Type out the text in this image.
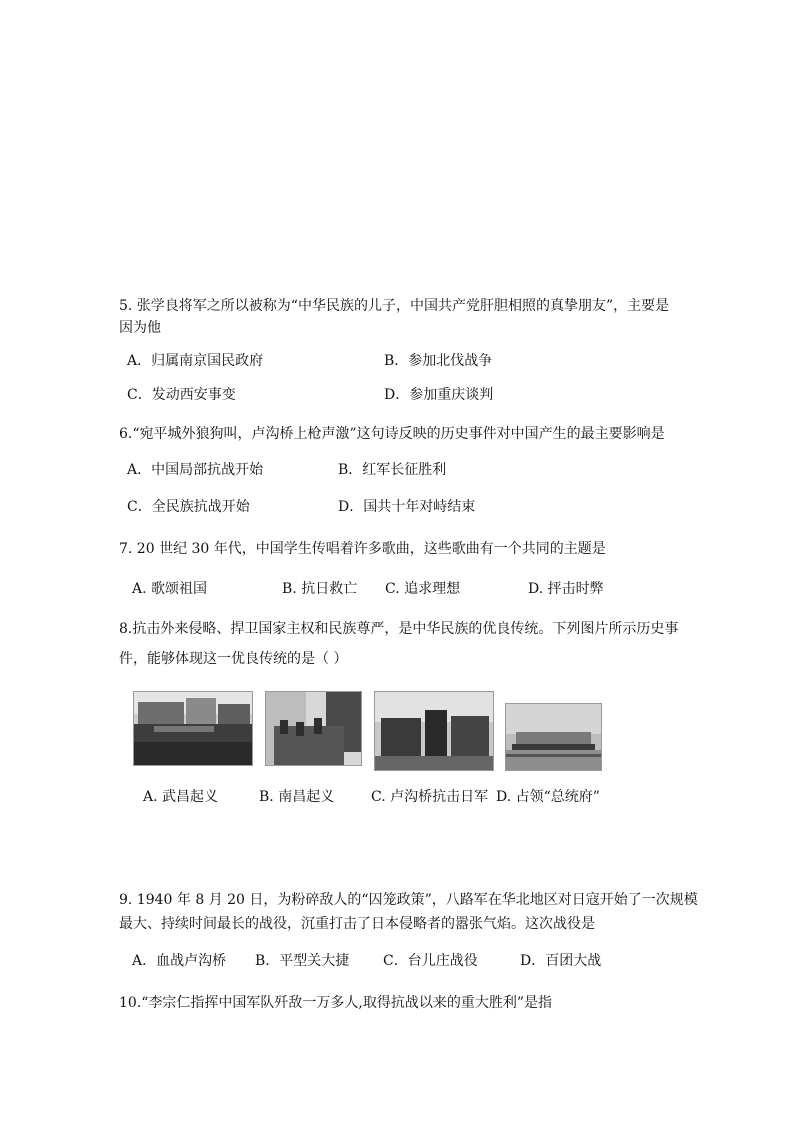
5. 张学良将军之所以被称为“中华民族的儿子，中国共产党肝胆相照的真挚朋友”，主要是
因为他
A．归属南京国民政府	B．参加北伐战争
C．发动西安事变	D．参加重庆谈判
6.“宛平城外狼狗叫，卢沟桥上枪声激”这句诗反映的历史事件对中国产生的最主要影响是
A．中国局部抗战开始	B．红军长征胜利
C．全民族抗战开始	D．国共十年对峙结束
7. 20 世纪 30 年代，中国学生传唱着许多歌曲，这些歌曲有一个共同的主题是
A. 歌颂祖国	B. 抗日救亡 C. 追求理想	D. 抨击时弊
8.抗击外来侵略、捍卫国家主权和民族尊严，是中华民族的优良传统。下列图片所示历史事
件，能够体现这一优良传统的是（ ）
A. 武昌起义	B. 南昌起义	C. 卢沟桥抗击日军 D. 占领“总统府”
9. 1940 年 8 月 20 日，为粉碎敌人的“囚笼政策”，八路军在华北地区对日寇开始了一次规模
最大、持续时间最长的战役，沉重打击了日本侵略者的嚣张气焰。这次战役是
A．血战卢沟桥 B．平型关大捷 C．台儿庄战役	D．百团大战
10.“李宗仁指挥中国军队歼敌一万多人,取得抗战以来的重大胜利”是指
